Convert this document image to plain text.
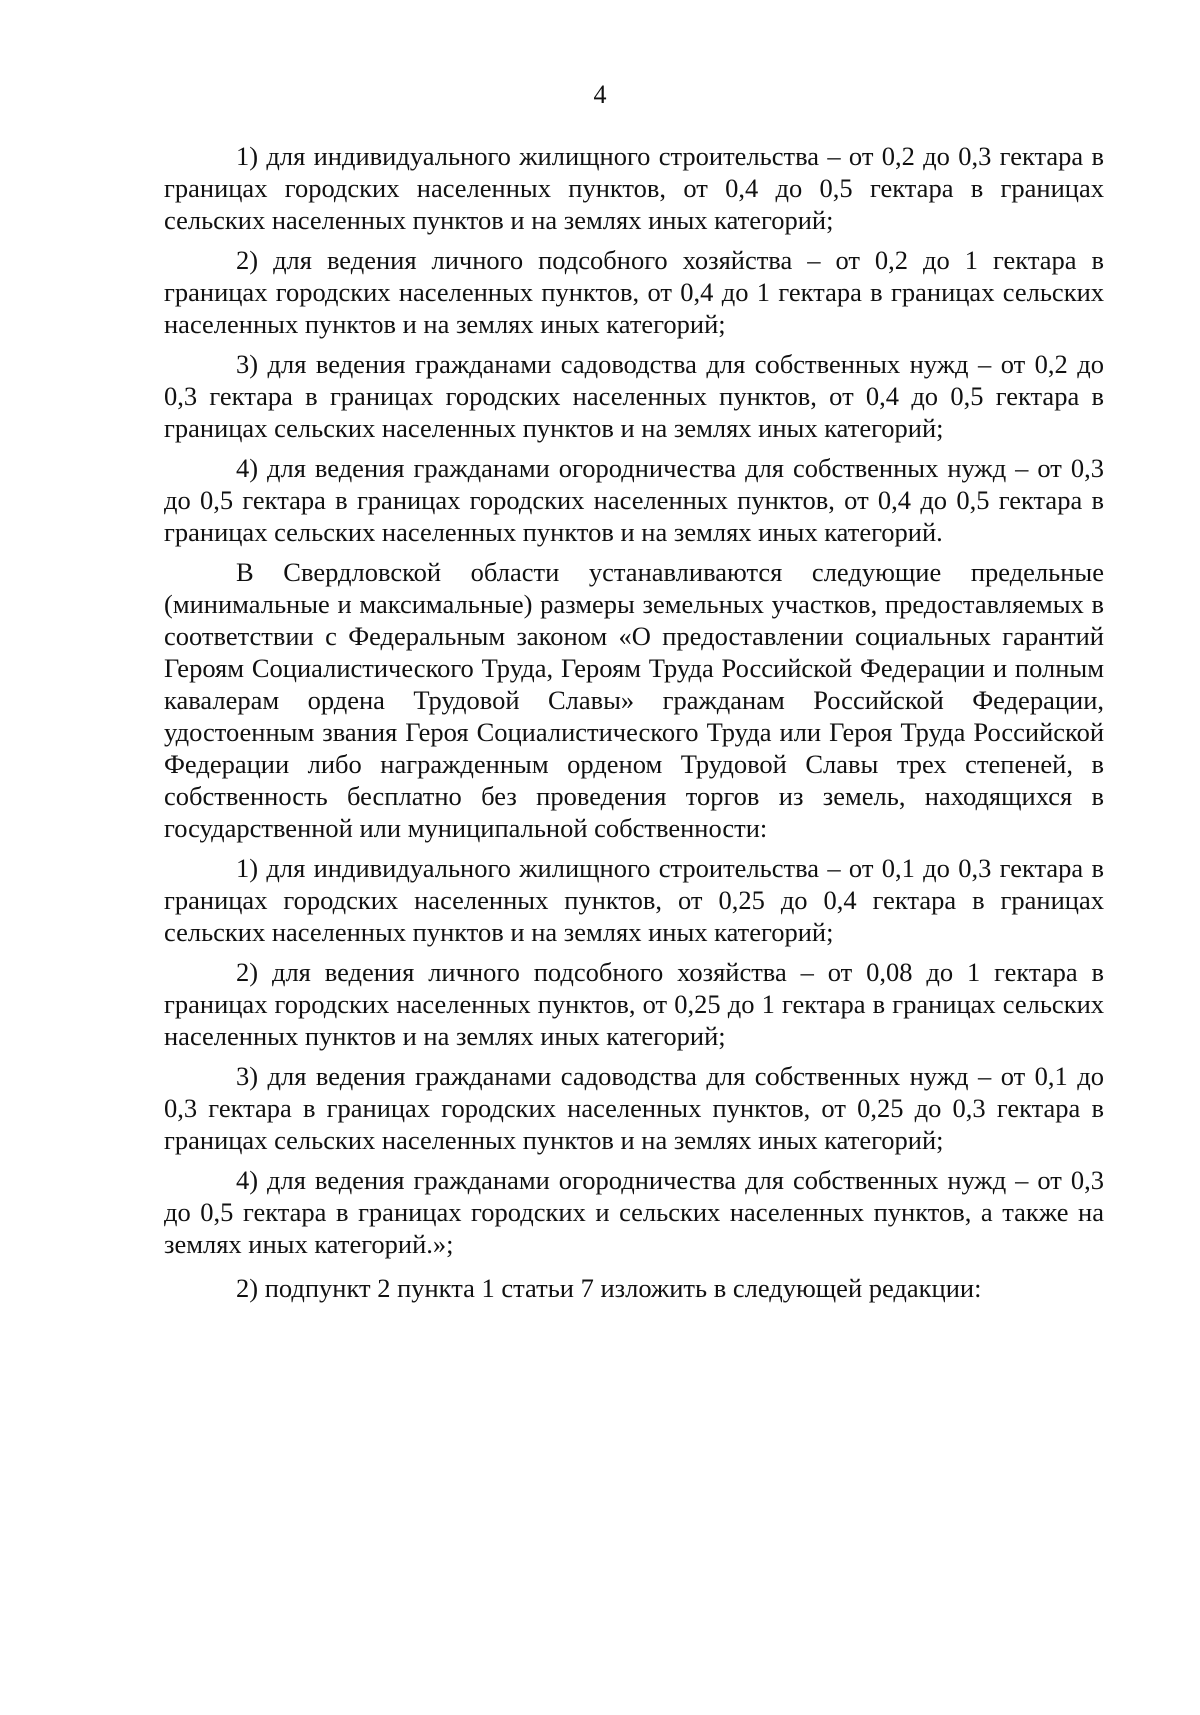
4

1) для индивидуального жилищного строительства – от 0,2 до 0,3 гектара в границах городских населенных пунктов, от 0,4 до 0,5 гектара в границах сельских населенных пунктов и на землях иных категорий;

2) для ведения личного подсобного хозяйства – от 0,2 до 1 гектара в границах городских населенных пунктов, от 0,4 до 1 гектара в границах сельских населенных пунктов и на землях иных категорий;

3) для ведения гражданами садоводства для собственных нужд – от 0,2 до 0,3 гектара в границах городских населенных пунктов, от 0,4 до 0,5 гектара в границах сельских населенных пунктов и на землях иных категорий;

4) для ведения гражданами огородничества для собственных нужд – от 0,3 до 0,5 гектара в границах городских населенных пунктов, от 0,4 до 0,5 гектара в границах сельских населенных пунктов и на землях иных категорий.

В Свердловской области устанавливаются следующие предельные (минимальные и максимальные) размеры земельных участков, предоставляемых в соответствии с Федеральным законом «О предоставлении социальных гарантий Героям Социалистического Труда, Героям Труда Российской Федерации и полным кавалерам ордена Трудовой Славы» гражданам Российской Федерации, удостоенным звания Героя Социалистического Труда или Героя Труда Российской Федерации либо награжденным орденом Трудовой Славы трех степеней, в собственность бесплатно без проведения торгов из земель, находящихся в государственной или муниципальной собственности:

1) для индивидуального жилищного строительства – от 0,1 до 0,3 гектара в границах городских населенных пунктов, от 0,25 до 0,4 гектара в границах сельских населенных пунктов и на землях иных категорий;

2) для ведения личного подсобного хозяйства – от 0,08 до 1 гектара в границах городских населенных пунктов, от 0,25 до 1 гектара в границах сельских населенных пунктов и на землях иных категорий;

3) для ведения гражданами садоводства для собственных нужд – от 0,1 до 0,3 гектара в границах городских населенных пунктов, от 0,25 до 0,3 гектара в границах сельских населенных пунктов и на землях иных категорий;

4) для ведения гражданами огородничества для собственных нужд – от 0,3 до 0,5 гектара в границах городских и сельских населенных пунктов, а также на землях иных категорий.»;

2) подпункт 2 пункта 1 статьи 7 изложить в следующей редакции:
